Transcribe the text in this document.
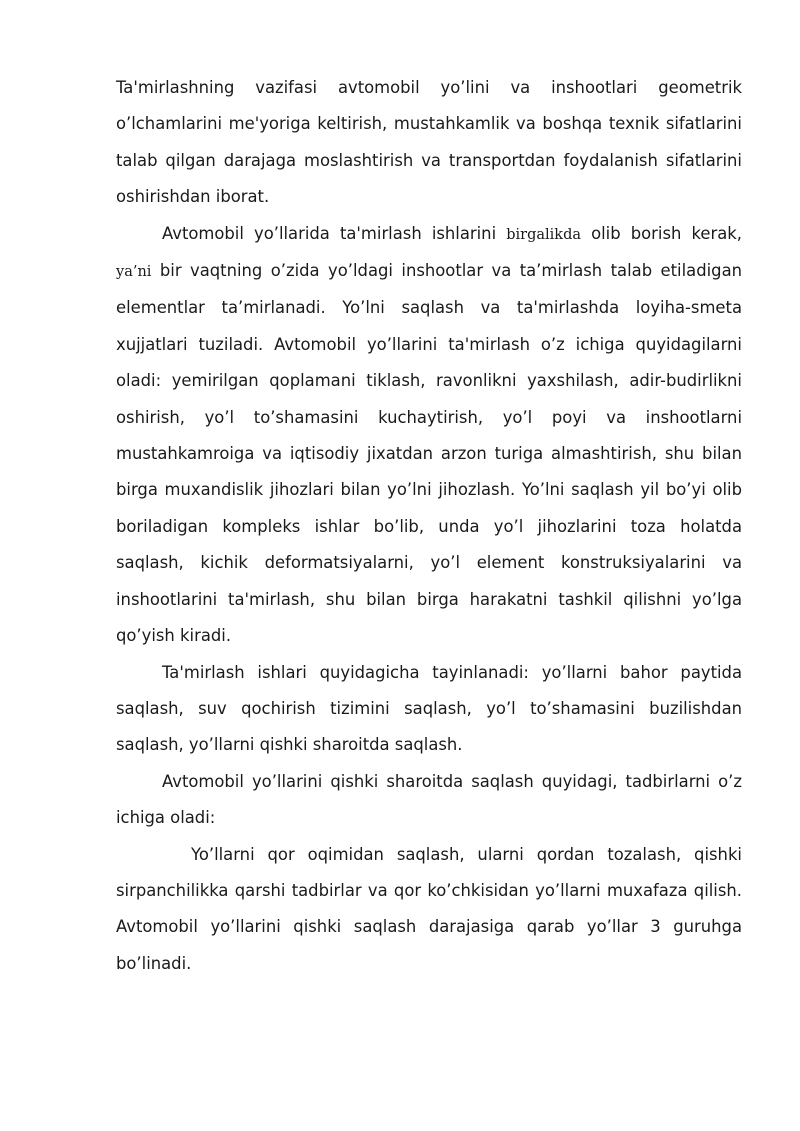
Ta'mirlashning vazifasi avtomobil yo’lini va inshootlari geometrik o’lchamlarini me'yoriga keltirish, mustahkamlik va boshqa texnik sifatlarini talab qilgan darajaga moslashtirish va transportdan foydalanish sifatlarini oshirishdan iborat.

Avtomobil yo’llarida ta'mirlash ishlarini birgalikda olib borish kerak, ya’ni bir vaqtning o’zida yo’ldagi inshootlar va ta’mirlash talab etiladigan elementlar ta’mirlanadi. Yo’lni saqlash va ta'mirlashda loyiha-smeta xujjatlari tuziladi. Avtomobil yo’llarini ta'mirlash o’z ichiga quyidagilarni oladi: yemirilgan qoplamani tiklash, ravonlikni yaxshilash, adir-budirlikni oshirish, yo’l to’shamasini kuchaytirish, yo’l poyi va inshootlarni mustahkamroiga va iqtisodiy jixatdan arzon turiga almashtirish, shu bilan birga muxandislik jihozlari bilan yo’lni jihozlash. Yo’lni saqlash yil bo’yi olib boriladigan kompleks ishlar bo’lib, unda yo’l jihozlarini toza holatda saqlash, kichik deformatsiyalarni, yo’l element konstruksiyalarini va inshootlarini ta'mirlash, shu bilan birga harakatni tashkil qilishni yo’lga qo’yish kiradi.

Ta'mirlash ishlari quyidagicha tayinlanadi: yo’llarni bahor paytida saqlash, suv qochirish tizimini saqlash, yo’l to’shamasini buzilishdan saqlash, yo’llarni qishki sharoitda saqlash.

Avtomobil yo’llarini qishki sharoitda saqlash quyidagi, tadbirlarni o’z ichiga oladi:

Yo’llarni qor oqimidan saqlash, ularni qordan tozalash, qishki sirpanchilikka qarshi tadbirlar va qor ko’chkisidan yo’llarni muxafaza qilish. Avtomobil yo’llarini qishki saqlash darajasiga qarab yo’llar 3 guruhga bo’linadi.
